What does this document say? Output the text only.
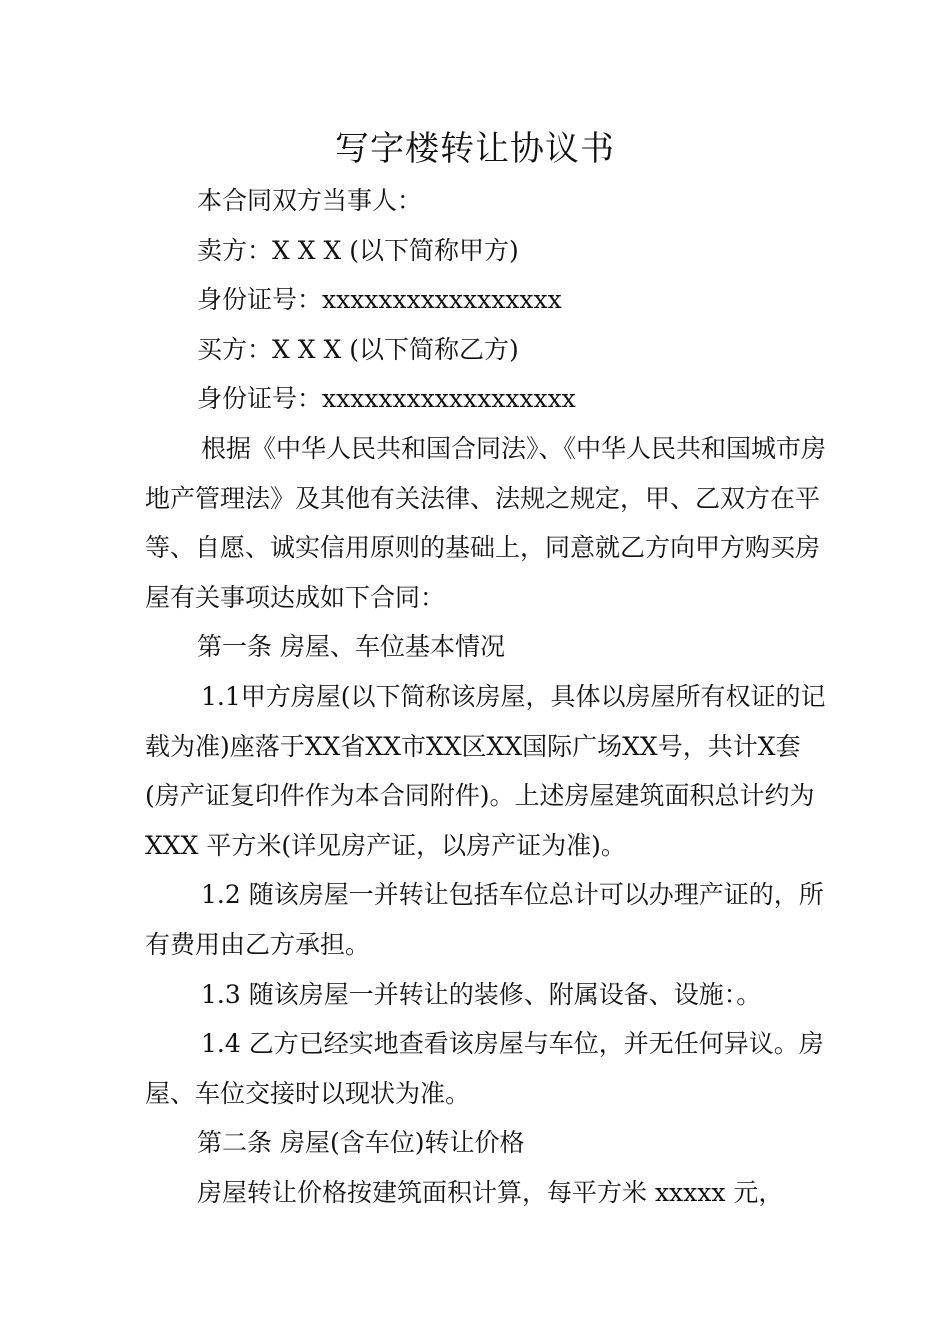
写字楼转让协议书

本合同双方当事人：

卖方：X X X (以下简称甲方)

身份证号：xxxxxxxxxxxxxxxxx

买方：X X X (以下简称乙方)

身份证号：xxxxxxxxxxxxxxxxxx

根据《中华人民共和国合同法》、《中华人民共和国城市房地产管理法》及其他有关法律、法规之规定，甲、乙双方在平等、自愿、诚实信用原则的基础上，同意就乙方向甲方购买房屋有关事项达成如下合同：

第一条 房屋、车位基本情况

1.1甲方房屋(以下简称该房屋，具体以房屋所有权证的记载为准)座落于XX省XX市XX区XX国际广场XX号，共计X套(房产证复印件作为本合同附件)。上述房屋建筑面积总计约为 XXX 平方米(详见房产证，以房产证为准)。

1.2 随该房屋一并转让包括车位总计可以办理产证的，所有费用由乙方承担。

1.3 随该房屋一并转让的装修、附属设备、设施：。

1.4 乙方已经实地查看该房屋与车位，并无任何异议。房屋、车位交接时以现状为准。

第二条 房屋(含车位)转让价格

房屋转让价格按建筑面积计算，每平方米 xxxxx 元，
